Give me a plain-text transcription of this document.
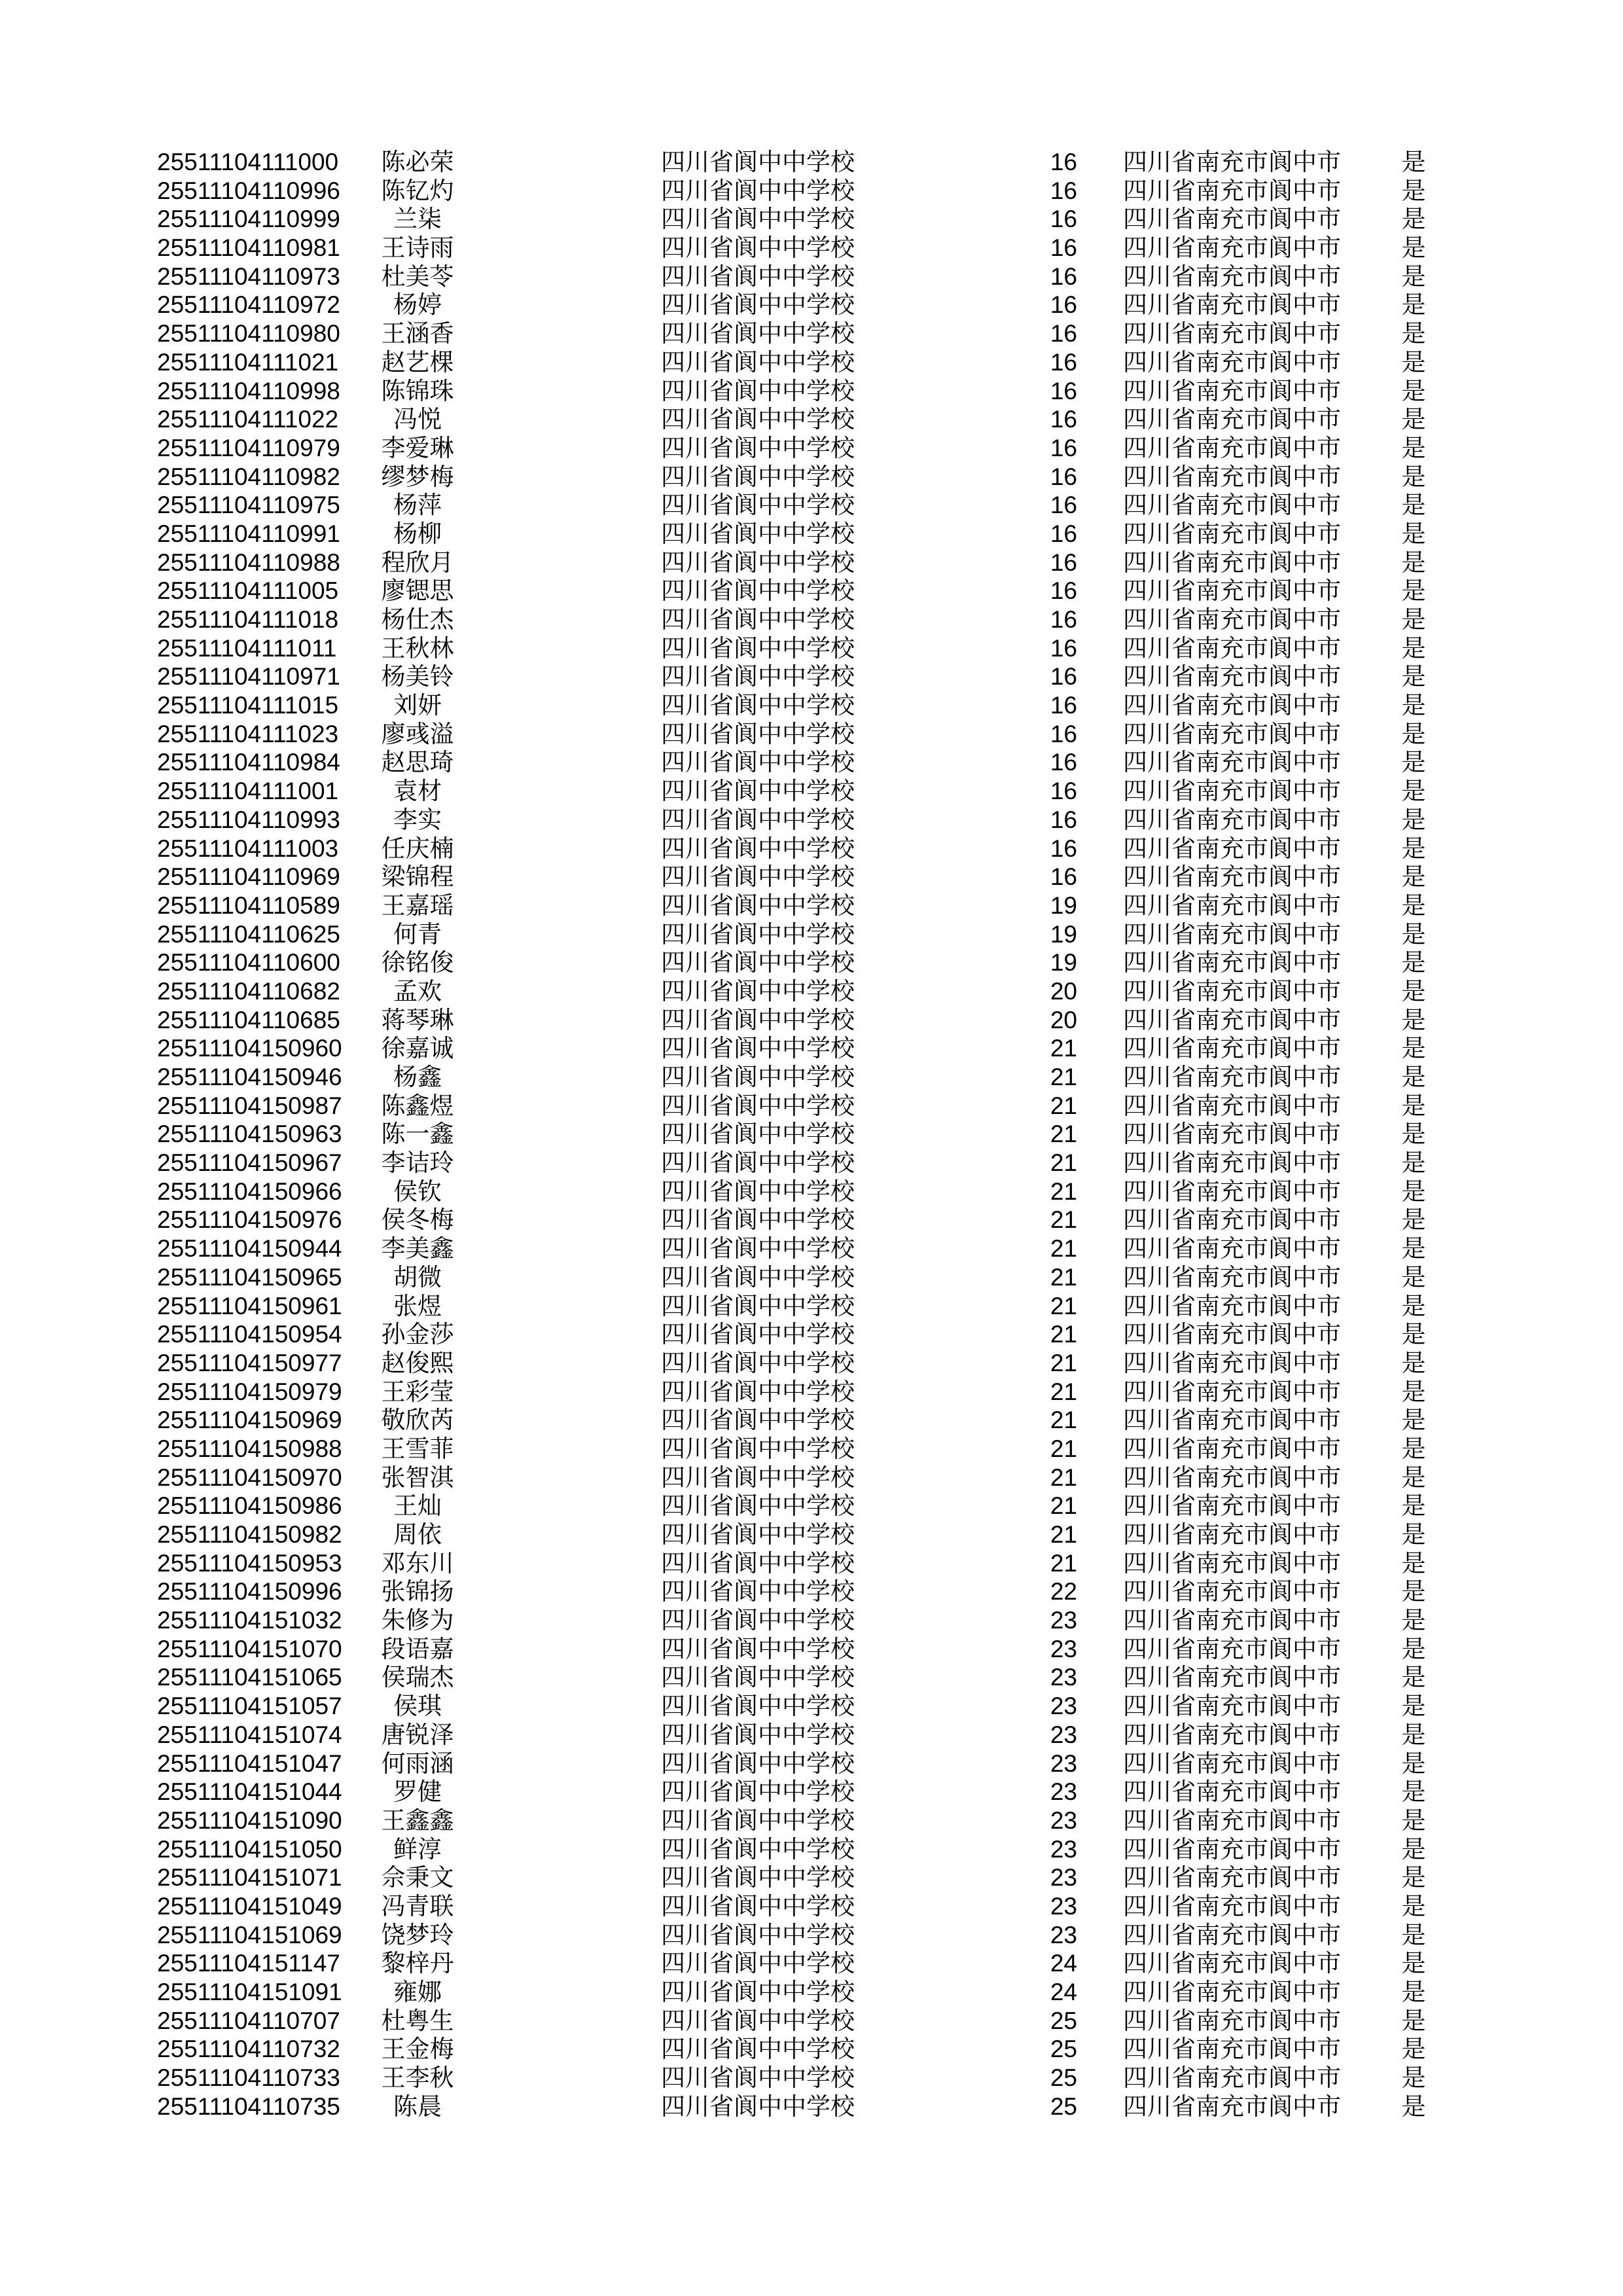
25511104111000	陈必荣	四川省阆中中学校	16 四川省南充市阆中市	是
25511104110996	陈钇灼	四川省阆中中学校	16 四川省南充市阆中市	是
25511104110999	兰柒	四川省阆中中学校	16 四川省南充市阆中市	是
25511104110981	王诗雨	四川省阆中中学校	16 四川省南充市阆中市	是
25511104110973	杜美苓	四川省阆中中学校	16 四川省南充市阆中市	是
25511104110972	杨婷	四川省阆中中学校	16 四川省南充市阆中市	是
25511104110980	王涵香	四川省阆中中学校	16 四川省南充市阆中市	是
25511104111021	赵艺棵	四川省阆中中学校	16 四川省南充市阆中市	是
25511104110998	陈锦珠	四川省阆中中学校	16 四川省南充市阆中市	是
25511104111022	冯悦	四川省阆中中学校	16 四川省南充市阆中市	是
25511104110979	李爱琳	四川省阆中中学校	16 四川省南充市阆中市	是
25511104110982	缪梦梅	四川省阆中中学校	16 四川省南充市阆中市	是
25511104110975	杨萍	四川省阆中中学校	16 四川省南充市阆中市	是
25511104110991	杨柳	四川省阆中中学校	16 四川省南充市阆中市	是
25511104110988	程欣月	四川省阆中中学校	16 四川省南充市阆中市	是
25511104111005	廖锶思	四川省阆中中学校	16 四川省南充市阆中市	是
25511104111018	杨仕杰	四川省阆中中学校	16 四川省南充市阆中市	是
25511104111011	王秋林	四川省阆中中学校	16 四川省南充市阆中市	是
25511104110971	杨美铃	四川省阆中中学校	16 四川省南充市阆中市	是
25511104111015	刘妍	四川省阆中中学校	16 四川省南充市阆中市	是
25511104111023	廖彧溢	四川省阆中中学校	16 四川省南充市阆中市	是
25511104110984	赵思琦	四川省阆中中学校	16 四川省南充市阆中市	是
25511104111001	袁材	四川省阆中中学校	16 四川省南充市阆中市	是
25511104110993	李实	四川省阆中中学校	16 四川省南充市阆中市	是
25511104111003	任庆楠	四川省阆中中学校	16 四川省南充市阆中市	是
25511104110969	梁锦程	四川省阆中中学校	16 四川省南充市阆中市	是
25511104110589	王嘉瑶	四川省阆中中学校	19 四川省南充市阆中市	是
25511104110625	何青	四川省阆中中学校	19 四川省南充市阆中市	是
25511104110600	徐铭俊	四川省阆中中学校	19 四川省南充市阆中市	是
25511104110682	孟欢	四川省阆中中学校	20 四川省南充市阆中市	是
25511104110685	蒋琴琳	四川省阆中中学校	20 四川省南充市阆中市	是
25511104150960	徐嘉诚	四川省阆中中学校	21 四川省南充市阆中市	是
25511104150946	杨鑫	四川省阆中中学校	21 四川省南充市阆中市	是
25511104150987	陈鑫煜	四川省阆中中学校	21 四川省南充市阆中市	是
25511104150963	陈一鑫	四川省阆中中学校	21 四川省南充市阆中市	是
25511104150967	李诘玲	四川省阆中中学校	21 四川省南充市阆中市	是
25511104150966	侯钦	四川省阆中中学校	21 四川省南充市阆中市	是
25511104150976	侯冬梅	四川省阆中中学校	21 四川省南充市阆中市	是
25511104150944	李美鑫	四川省阆中中学校	21 四川省南充市阆中市	是
25511104150965	胡微	四川省阆中中学校	21 四川省南充市阆中市	是
25511104150961	张煜	四川省阆中中学校	21 四川省南充市阆中市	是
25511104150954	孙金莎	四川省阆中中学校	21 四川省南充市阆中市	是
25511104150977	赵俊熙	四川省阆中中学校	21 四川省南充市阆中市	是
25511104150979	王彩莹	四川省阆中中学校	21 四川省南充市阆中市	是
25511104150969	敬欣芮	四川省阆中中学校	21 四川省南充市阆中市	是
25511104150988	王雪菲	四川省阆中中学校	21 四川省南充市阆中市	是
25511104150970	张智淇	四川省阆中中学校	21 四川省南充市阆中市	是
25511104150986	王灿	四川省阆中中学校	21 四川省南充市阆中市	是
25511104150982	周依	四川省阆中中学校	21 四川省南充市阆中市	是
25511104150953	邓东川	四川省阆中中学校	21 四川省南充市阆中市	是
25511104150996	张锦扬	四川省阆中中学校	22 四川省南充市阆中市	是
25511104151032	朱修为	四川省阆中中学校	23 四川省南充市阆中市	是
25511104151070	段语嘉	四川省阆中中学校	23 四川省南充市阆中市	是
25511104151065	侯瑞杰	四川省阆中中学校	23 四川省南充市阆中市	是
25511104151057	侯琪	四川省阆中中学校	23 四川省南充市阆中市	是
25511104151074	唐锐泽	四川省阆中中学校	23 四川省南充市阆中市	是
25511104151047	何雨涵	四川省阆中中学校	23 四川省南充市阆中市	是
25511104151044	罗健	四川省阆中中学校	23 四川省南充市阆中市	是
25511104151090	王鑫鑫	四川省阆中中学校	23 四川省南充市阆中市	是
25511104151050	鲜淳	四川省阆中中学校	23 四川省南充市阆中市	是
25511104151071	佘秉文	四川省阆中中学校	23 四川省南充市阆中市	是
25511104151049	冯青联	四川省阆中中学校	23 四川省南充市阆中市	是
25511104151069	饶梦玲	四川省阆中中学校	23 四川省南充市阆中市	是
25511104151147	黎梓丹	四川省阆中中学校	24 四川省南充市阆中市	是
25511104151091	雍娜	四川省阆中中学校	24 四川省南充市阆中市	是
25511104110707	杜粤生	四川省阆中中学校	25 四川省南充市阆中市	是
25511104110732	王金梅	四川省阆中中学校	25 四川省南充市阆中市	是
25511104110733	王李秋	四川省阆中中学校	25 四川省南充市阆中市	是
25511104110735	陈晨	四川省阆中中学校	25 四川省南充市阆中市	是
